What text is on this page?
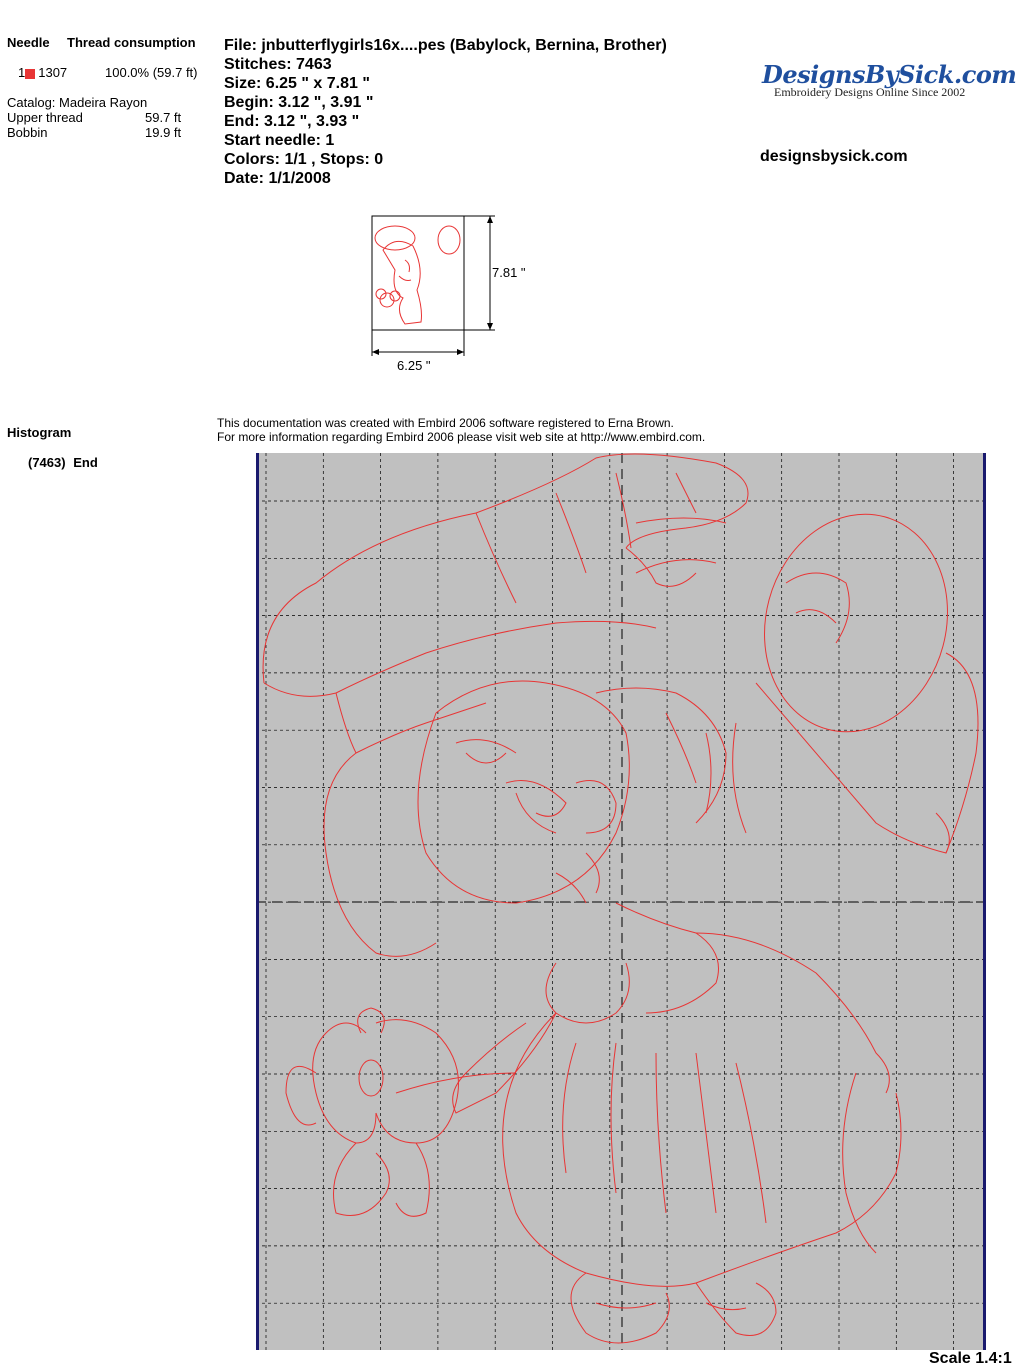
Needle Thread consumption
1 1307	100.0% (59.7 ft)
Catalog: Madeira Rayon
Upper thread	59.7 ft
Bobbin	19.9 ft
Histogram
(7463) End
File: jnbutterflygirls16x....pes (Babylock, Bernina, Brother)
Stitches: 7463
Size: 6.25 " x 7.81 "
Begin: 3.12 ", 3.91 "
End: 3.12 ", 3.93 "
Start needle: 1
Colors: 1/1 , Stops: 0
Date: 1/1/2008
DesignsBySick.com
Embroidery Designs Online Since 2002
designsbysick.com
7.81 "
6.25 "
This documentation was created with Embird 2006 software registered to Erna Brown.
For more information regarding Embird 2006 please visit web site at http://www.embird.com.
Scale 1.4:1
